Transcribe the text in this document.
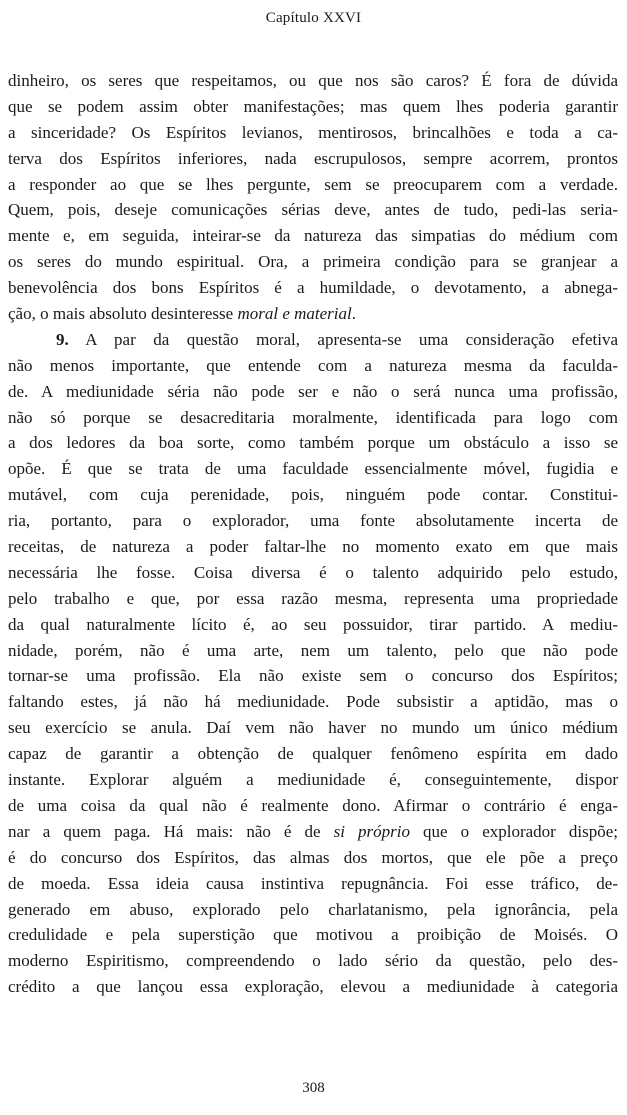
Capítulo XXVI
dinheiro, os seres que respeitamos, ou que nos são caros? É fora de dúvida
que se podem assim obter manifestações; mas quem lhes poderia garantir
a sinceridade? Os Espíritos levianos, mentirosos, brincalhões e toda a ca-
terva dos Espíritos inferiores, nada escrupulosos, sempre acorrem, prontos
a responder ao que se lhes pergunte, sem se preocuparem com a verdade.
Quem, pois, deseje comunicações sérias deve, antes de tudo, pedi-las seria-
mente e, em seguida, inteirar-se da natureza das simpatias do médium com
os seres do mundo espiritual. Ora, a primeira condição para se granjear a
benevolência dos bons Espíritos é a humildade, o devotamento, a abnega-
ção, o mais absoluto desinteresse moral e material.
9. A par da questão moral, apresenta-se uma consideração efetiva
não menos importante, que entende com a natureza mesma da faculda-
de. A mediunidade séria não pode ser e não o será nunca uma profissão,
não só porque se desacreditaria moralmente, identificada para logo com
a dos ledores da boa sorte, como também porque um obstáculo a isso se
opõe. É que se trata de uma faculdade essencialmente móvel, fugidia e
mutável, com cuja perenidade, pois, ninguém pode contar. Constitui-
ria, portanto, para o explorador, uma fonte absolutamente incerta de
receitas, de natureza a poder faltar-lhe no momento exato em que mais
necessária lhe fosse. Coisa diversa é o talento adquirido pelo estudo,
pelo trabalho e que, por essa razão mesma, representa uma propriedade
da qual naturalmente lícito é, ao seu possuidor, tirar partido. A mediu-
nidade, porém, não é uma arte, nem um talento, pelo que não pode
tornar-se uma profissão. Ela não existe sem o concurso dos Espíritos;
faltando estes, já não há mediunidade. Pode subsistir a aptidão, mas o
seu exercício se anula. Daí vem não haver no mundo um único médium
capaz de garantir a obtenção de qualquer fenômeno espírita em dado
instante. Explorar alguém a mediunidade é, conseguintemente, dispor
de uma coisa da qual não é realmente dono. Afirmar o contrário é enga-
nar a quem paga. Há mais: não é de si próprio que o explorador dispõe;
é do concurso dos Espíritos, das almas dos mortos, que ele põe a preço
de moeda. Essa ideia causa instintiva repugnância. Foi esse tráfico, de-
generado em abuso, explorado pelo charlatanismo, pela ignorância, pela
credulidade e pela superstição que motivou a proibição de Moisés. O
moderno Espiritismo, compreendendo o lado sério da questão, pelo des-
crédito a que lançou essa exploração, elevou a mediunidade à categoria
308
